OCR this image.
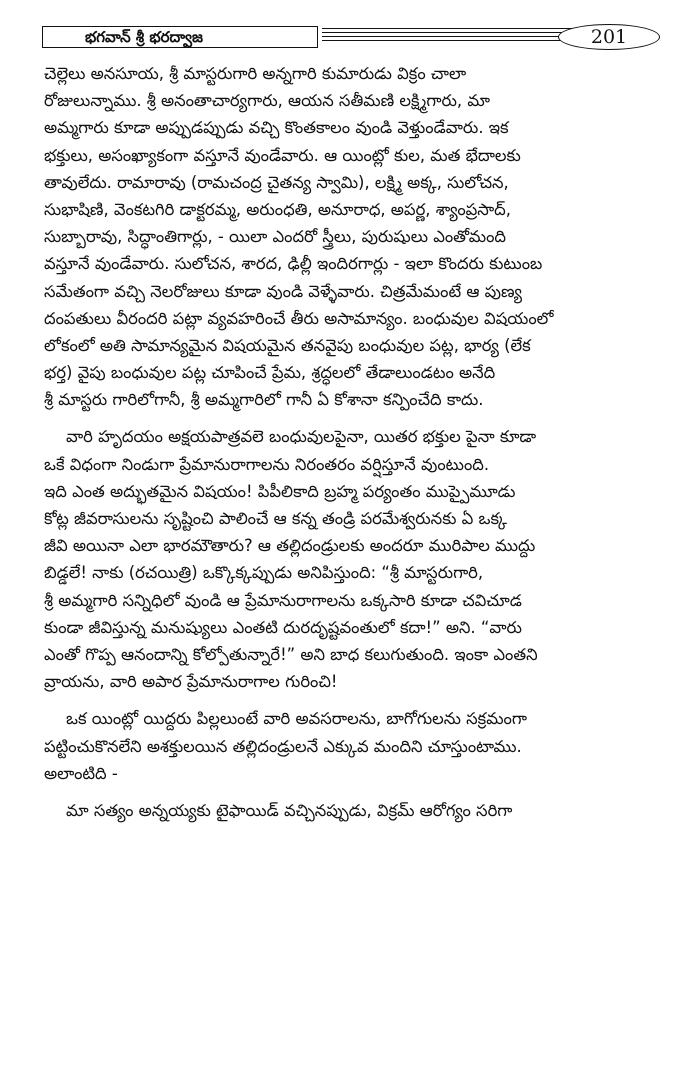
భగవాన్ శ్రీ భరద్వాజ	201
చెల్లెలు అనసూయ, శ్రీ మాస్టరుగారి అన్నగారి కుమారుడు విక్రం చాలా
రోజులున్నాము. శ్రీ అనంతాచార్యగారు, ఆయన సతీమణి లక్ష్మిగారు, మా
అమ్మగారు కూడా అప్పుడప్పుడు వచ్చి కొంతకాలం వుండి వెళ్తుండేవారు. ఇక
భక్తులు, అసంఖ్యాకంగా వస్తూనే వుండేవారు. ఆ యింట్లో కుల, మత భేదాలకు
తావులేదు. రామారావు (రామచంద్ర చైతన్య స్వామి), లక్ష్మి అక్క, సులోచన,
సుభాషిణి, వెంకటగిరి డాక్టరమ్మ, అరుంధతి, అనూరాధ, అపర్ణ, శ్యాంప్రసాద్,
సుబ్బారావు, సిద్ధాంతిగార్లు, - యిలా ఎందరో స్త్రీలు, పురుషులు ఎంతోమంది
వస్తూనే వుండేవారు. సులోచన, శారద, ఢిల్లీ ఇందిరగార్లు - ఇలా కొందరు కుటుంబ
సమేతంగా వచ్చి నెలరోజులు కూడా వుండి వెళ్ళేవారు. చిత్రమేమంటే ఆ పుణ్య
దంపతులు వీరందరి పట్లా వ్యవహరించే తీరు అసామాన్యం. బంధువుల విషయంలో
లోకంలో అతి సామాన్యమైన విషయమైన తనవైపు బంధువుల పట్ల, భార్య (లేక
భర్త) వైపు బంధువుల పట్ల చూపించే ప్రేమ, శ్రద్ధలలో తేడాలుండటం అనేది
శ్రీ మాస్టరు గారిలోగానీ, శ్రీ అమ్మగారిలో గానీ ఏ కోశానా కన్పించేది కాదు.
వారి హృదయం అక్షయపాత్రవలె బంధువులపైనా, యితర భక్తుల పైనా కూడా
ఒకే విధంగా నిండుగా ప్రేమానురాగాలను నిరంతరం వర్షిస్తూనే వుంటుంది.
ఇది ఎంత అద్భుతమైన విషయం! పిపీలికాది బ్రహ్మ పర్యంతం ముప్పైమూడు
కోట్ల జీవరాసులను సృష్టించి పాలించే ఆ కన్న తండ్రి పరమేశ్వరునకు ఏ ఒక్క
జీవి అయినా ఎలా భారమౌతారు? ఆ తల్లిదండ్రులకు అందరూ మురిపాల ముద్దు
బిడ్డలే! నాకు (రచయిత్రి) ఒక్కొక్కప్పుడు అనిపిస్తుంది: “శ్రీ మాస్టరుగారి,
శ్రీ అమ్మగారి సన్నిధిలో వుండి ఆ ప్రేమానురాగాలను ఒక్కసారి కూడా చవిచూడ
కుండా జీవిస్తున్న మనుష్యులు ఎంతటి దురదృష్టవంతులో కదా!” అని. “వారు
ఎంతో గొప్ప ఆనందాన్ని కోల్పోతున్నారే!” అని బాధ కలుగుతుంది. ఇంకా ఎంతని
వ్రాయను, వారి అపార ప్రేమానురాగాల గురించి!
ఒక యింట్లో యిద్దరు పిల్లలుంటే వారి అవసరాలను, బాగోగులను సక్రమంగా
పట్టించుకొనలేని అశక్తులయిన తల్లిదండ్రులనే ఎక్కువ మందిని చూస్తుంటాము.
అలాంటిది -
మా సత్యం అన్నయ్యకు టైఫాయిడ్ వచ్చినప్పుడు, విక్రమ్ ఆరోగ్యం సరిగా
